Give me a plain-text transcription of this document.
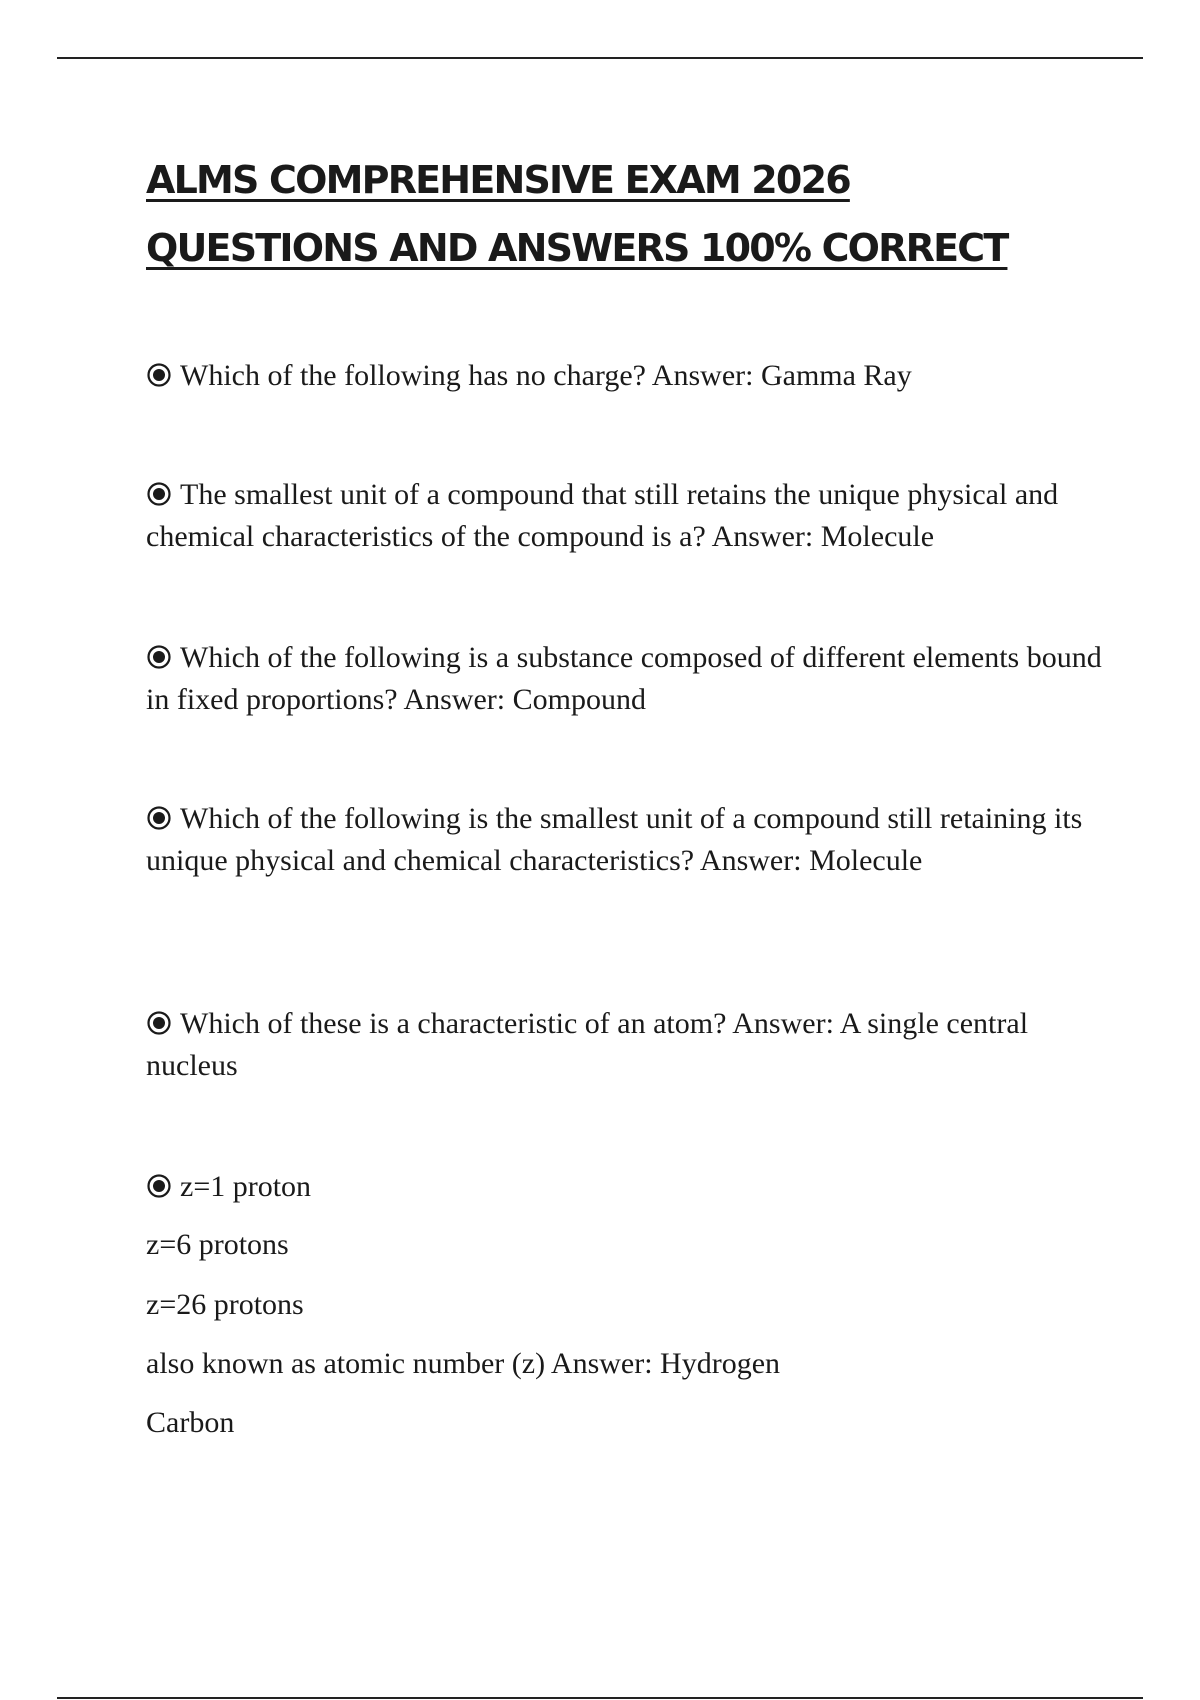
ALMS COMPREHENSIVE EXAM 2026
QUESTIONS AND ANSWERS 100% CORRECT

Which of the following has no charge? Answer: Gamma Ray

The smallest unit of a compound that still retains the unique physical and chemical characteristics of the compound is a? Answer: Molecule

Which of the following is a substance composed of different elements bound in fixed proportions? Answer: Compound

Which of the following is the smallest unit of a compound still retaining its unique physical and chemical characteristics? Answer: Molecule

Which of these is a characteristic of an atom? Answer: A single central nucleus

z=1 proton

z=6 protons

z=26 protons

also known as atomic number (z) Answer: Hydrogen

Carbon
